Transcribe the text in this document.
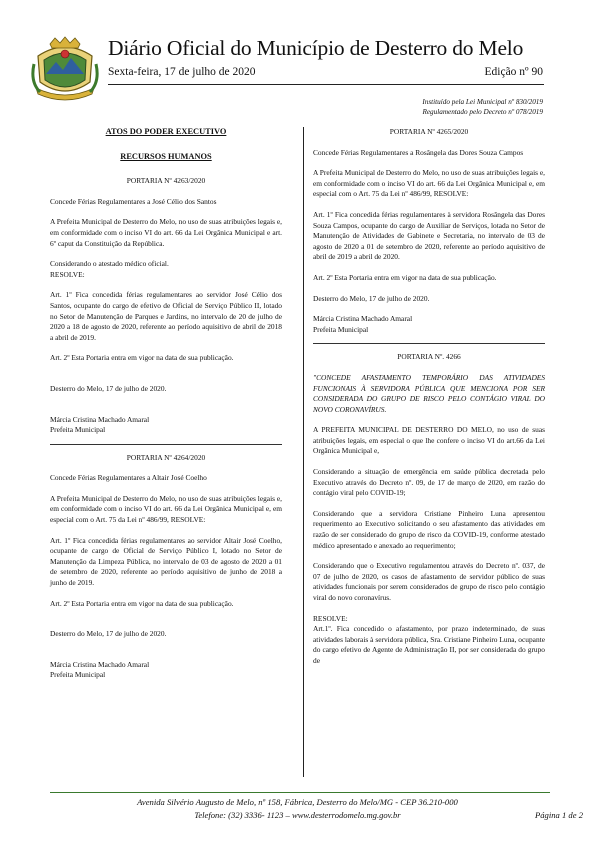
Diário Oficial do Município de Desterro do Melo
Sexta-feira, 17 de julho de 2020	Edição nº 90
Instituído pela Lei Municipal nº 830/2019
Regulamentado pelo Decreto nº 078/2019
ATOS DO PODER EXECUTIVO
RECURSOS HUMANOS

PORTARIA Nº 4263/2020

Concede Férias Regulamentares a José Célio dos Santos

A Prefeita Municipal de Desterro do Melo, no uso de suas atribuições legais e, em conformidade com o inciso VI do art. 66 da Lei Orgânica Municipal e art. 6º caput da Constituição da República.

Considerando o atestado médico oficial.

RESOLVE:

Art. 1º Fica concedida férias regulamentares ao servidor José Célio dos Santos, ocupante do cargo de efetivo de Oficial de Serviço Público II, lotado no Setor de Manutenção de Parques e Jardins, no intervalo de 20 de julho de 2020 a 18 de agosto de 2020, referente ao período aquisitivo de abril de 2018 a abril de 2019.

Art. 2º Esta Portaria entra em vigor na data de sua publicação.

Desterro do Melo, 17 de julho de 2020.

Márcia Cristina Machado Amaral

Prefeita Municipal

PORTARIA Nº 4264/2020

Concede Férias Regulamentares a Altair José Coelho

A Prefeita Municipal de Desterro do Melo, no uso de suas atribuições legais e, em conformidade com o inciso VI do art. 66 da Lei Orgânica Municipal e, em especial com o Art. 75 da Lei nº 486/99, RESOLVE:

Art. 1º Fica concedida férias regulamentares ao servidor Altair José Coelho, ocupante de cargo de Oficial de Serviço Público I, lotado no Setor de Manutenção da Limpeza Pública, no intervalo de 03 de agosto de 2020 a 01 de setembro de 2020, referente ao período aquisitivo de junho de 2018 a junho de 2019.

Art. 2º Esta Portaria entra em vigor na data de sua publicação.

Desterro do Melo, 17 de julho de 2020.

Márcia Cristina Machado Amaral

Prefeita Municipal

PORTARIA Nº 4265/2020

Concede Férias Regulamentares a Rosângela das Dores Souza Campos

A Prefeita Municipal de Desterro do Melo, no uso de suas atribuições legais e, em conformidade com o inciso VI do art. 66 da Lei Orgânica Municipal e, em especial com o Art. 75 da Lei nº 486/99, RESOLVE:

Art. 1º Fica concedida férias regulamentares à servidora Rosângela das Dores Souza Campos, ocupante do cargo de Auxiliar de Serviços, lotada no Setor de Manutenção de Atividades de Gabinete e Secretaria, no intervalo de 03 de agosto de 2020 a 01 de setembro de 2020, referente ao período aquisitivo de abril de 2019 a abril de 2020.

Art. 2º Esta Portaria entra em vigor na data de sua publicação.

Desterro do Melo, 17 de julho de 2020.

Márcia Cristina Machado Amaral

Prefeita Municipal

PORTARIA Nº. 4266

"CONCEDE AFASTAMENTO TEMPORÁRIO DAS ATIVIDADES FUNCIONAIS À SERVIDORA PÚBLICA QUE MENCIONA POR SER CONSIDERADA DO GRUPO DE RISCO PELO CONTÁGIO VIRAL DO NOVO CORONAVÍRUS.

A PREFEITA MUNICIPAL DE DESTERRO DO MELO, no uso de suas atribuições legais, em especial o que lhe confere o inciso VI do art.66 da Lei Orgânica Municipal e,

Considerando a situação de emergência em saúde pública decretada pelo Executivo através do Decreto nº. 09, de 17 de março de 2020, em razão do contágio viral pelo COVID-19;

Considerando que a servidora Cristiane Pinheiro Luna apresentou requerimento ao Executivo solicitando o seu afastamento das atividades em razão de ser considerado do grupo de risco da COVID-19, conforme atestado médico apresentado e anexado ao requerimento;

Considerando que o Executivo regulamentou através do Decreto nº. 037, de 07 de julho de 2020, os casos de afastamento de servidor público de suas atividades funcionais por serem considerados de grupo de risco pelo contágio viral do novo coronavírus.

RESOLVE:

Art.1º. Fica concedido o afastamento, por prazo indeterminado, de suas atividades laborais à servidora pública, Sra. Cristiane Pinheiro Luna, ocupante do cargo efetivo de Agente de Administração II, por ser considerada do grupo de

Avenida Silvério Augusto de Melo, nº 158, Fábrica, Desterro do Melo/MG - CEP 36.210-000
Telefone: (32) 3336- 1123 – www.desterrodomelo.mg.gov.br	Página 1 de 2
